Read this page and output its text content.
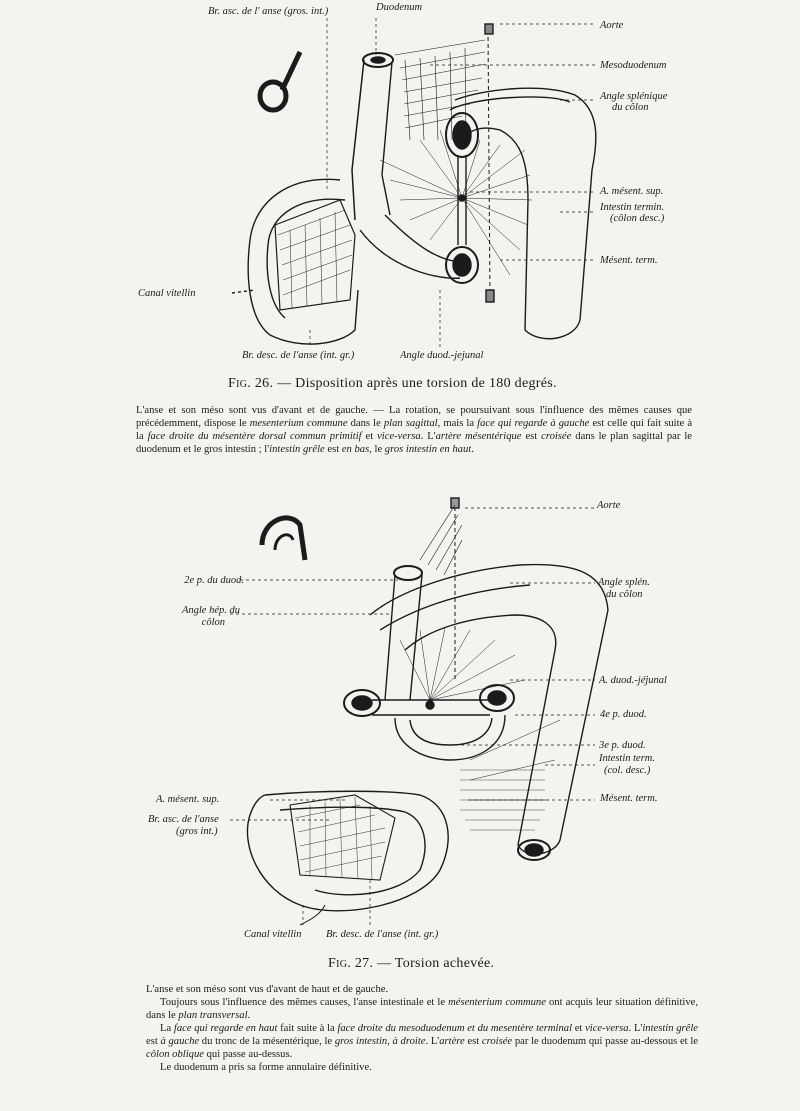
Br. asc. de l' anse (gros. int.)	Duodenum
Aorte
Mesoduodenum
Angle splénique
du côlon
A. mésent. sup.
Intestin termin.
(côlon desc.)
Mésent. term.
Canal vitellin
Br. desc. de l'anse (int. gr.)	Angle duod.-jejunal
Fig. 26. — Disposition après une torsion de 180 degrés.

L'anse et son méso sont vus d'avant et de gauche. — La rotation, se poursuivant sous l'influence des mêmes causes que précédemment, dispose le mesenterium commune dans le plan sagittal, mais la face qui regarde à gauche est celle qui fait suite à la face droite du mésentère dorsal commun primitif et vice-versa. L'artère mésentérique est croisée dans le plan sagittal par le duodenum et le gros intestin ; l'intestin grêle est en bas, le gros intestin en haut.

Aorte
2e p. du duod.
Angle hép. du
côlon
Angle splén.
du côlon
A. duod.-jéjunal
4e p. duod.
3e p. duod.
Intestin term.
(col. desc.)
Mésent. term.
A. mésent. sup.
Br. asc. de l'anse
(gros int.)
Canal vitellin Br. desc. de l'anse (int. gr.)
Fig. 27. — Torsion achevée.

L'anse et son méso sont vus d'avant de haut et de gauche.

Toujours sous l'influence des mêmes causes, l'anse intestinale et le mésenterium commune ont acquis leur situation définitive, dans le plan transversal.

La face qui regarde en haut fait suite à la face droite du mesoduodenum et du mesentère terminal et vice-versa. L'intestin grêle est à gauche du tronc de la mésentérique, le gros intestin, à droite. L'artère est croisée par le duodenum qui passe au-dessous et le côlon oblique qui passe au-dessus.

Le duodenum a pris sa forme annulaire définitive.
